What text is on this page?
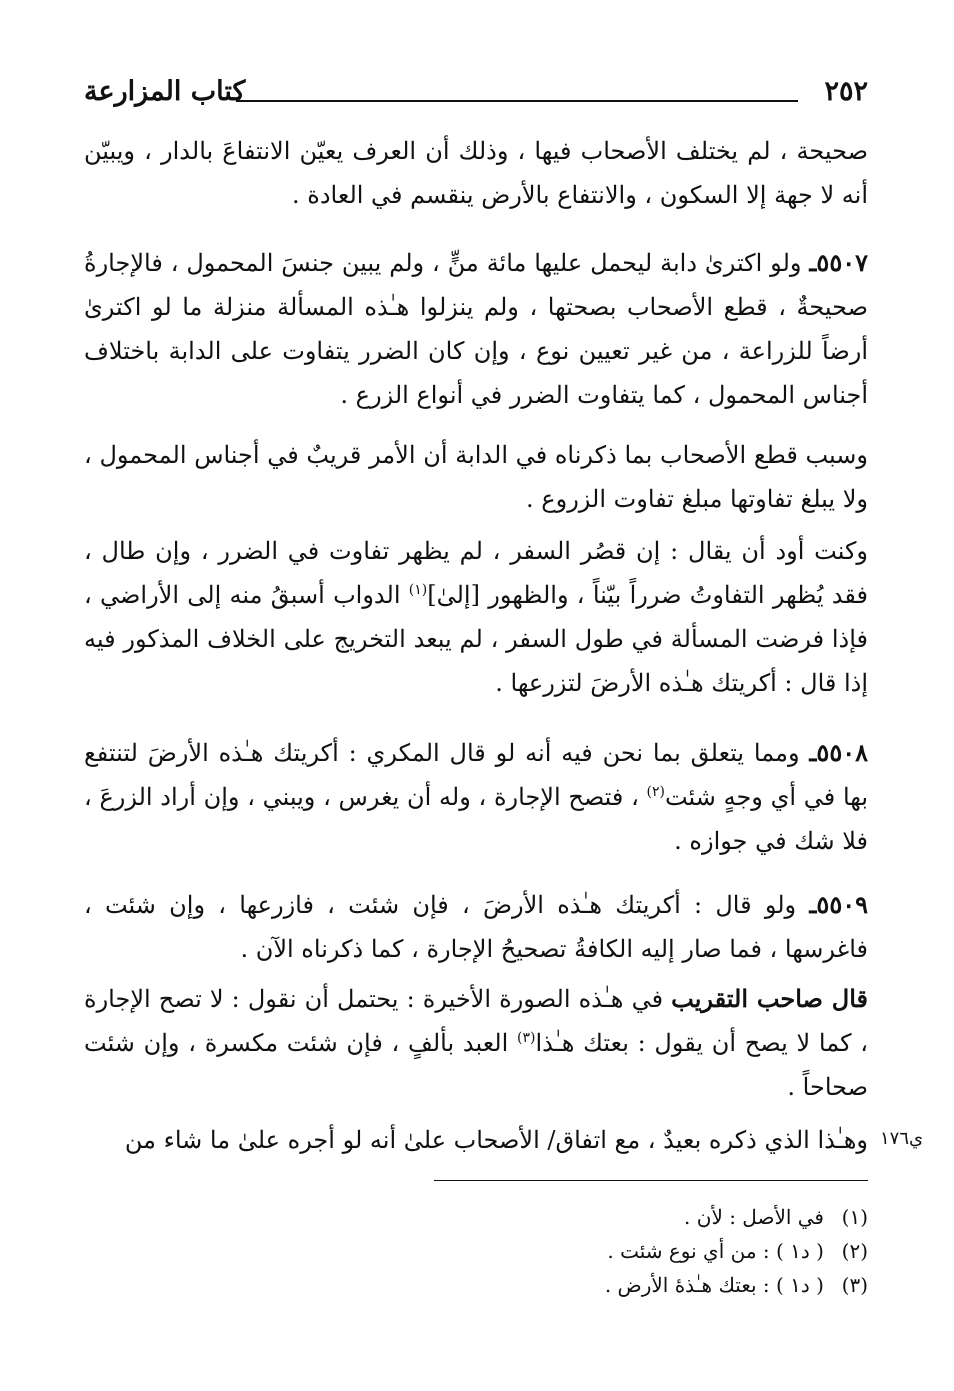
٢٥٢
كتاب المزارعة

صحيحة ، لم يختلف الأصحاب فيها ، وذلك أن العرف يعيّن الانتفاعَ بالدار ، ويبيّن أنه لا جهة إلا السكون ، والانتفاع بالأرض ينقسم في العادة .

٥٥٠٧ـ ولو اكترىٰ دابة ليحمل عليها مائة منٍّ ، ولم يبين جنسَ المحمول ، فالإجارةُ صحيحةٌ ، قطع الأصحاب بصحتها ، ولم ينزلوا هـٰذه المسألة منزلة ما لو اكترىٰ أرضاً للزراعة ، من غير تعيين نوع ، وإن كان الضرر يتفاوت على الدابة باختلاف أجناس المحمول ، كما يتفاوت الضرر في أنواع الزرع .

وسبب قطع الأصحاب بما ذكرناه في الدابة أن الأمر قريبٌ في أجناس المحمول ، ولا يبلغ تفاوتها مبلغ تفاوت الزروع .

وكنت أود أن يقال : إن قصُر السفر ، لم يظهر تفاوت في الضرر ، وإن طال ، فقد يُظهر التفاوتُ ضرراً بيّناً ، والظهور [إلىٰ]$^{(١)}$ الدواب أسبقُ منه إلى الأراضي ، فإذا فرضت المسألة في طول السفر ، لم يبعد التخريج على الخلاف المذكور فيه إذا قال : أكريتك هـٰذه الأرضَ لتزرعها .

٥٥٠٨ـ ومما يتعلق بما نحن فيه أنه لو قال المكري : أكريتك هـٰذه الأرضَ لتنتفع بها في أي وجهٍ شئت$^{(٢)}$ ، فتصح الإجارة ، وله أن يغرس ، ويبني ، وإن أراد الزرعَ ، فلا شك في جوازه .

٥٥٠٩ـ ولو قال : أكريتك هـٰذه الأرضَ ، فإن شئت ، فازرعها ، وإن شئت ، فاغرسها ، فما صار إليه الكافةُ تصحيحُ الإجارة ، كما ذكرناه الآن .

قال صاحب التقريب في هـٰذه الصورة الأخيرة : يحتمل أن نقول : لا تصح الإجارة ، كما لا يصح أن يقول : بعتك هـٰذا$^{(٣)}$ العبد بألفٍ ، فإن شئت مكسرة ، وإن شئت صحاحاً .

وهـٰذا الذي ذكره بعيدٌ ، مع اتفاق/ الأصحاب علىٰ أنه لو أجره علىٰ ما شاء من ي١٧٦
(١)في الأصل : لأن .
(٢)( د١ ) : من أي نوع شئت .
(٣)( د١ ) : بعتك هـٰذهٔ الأرض .
